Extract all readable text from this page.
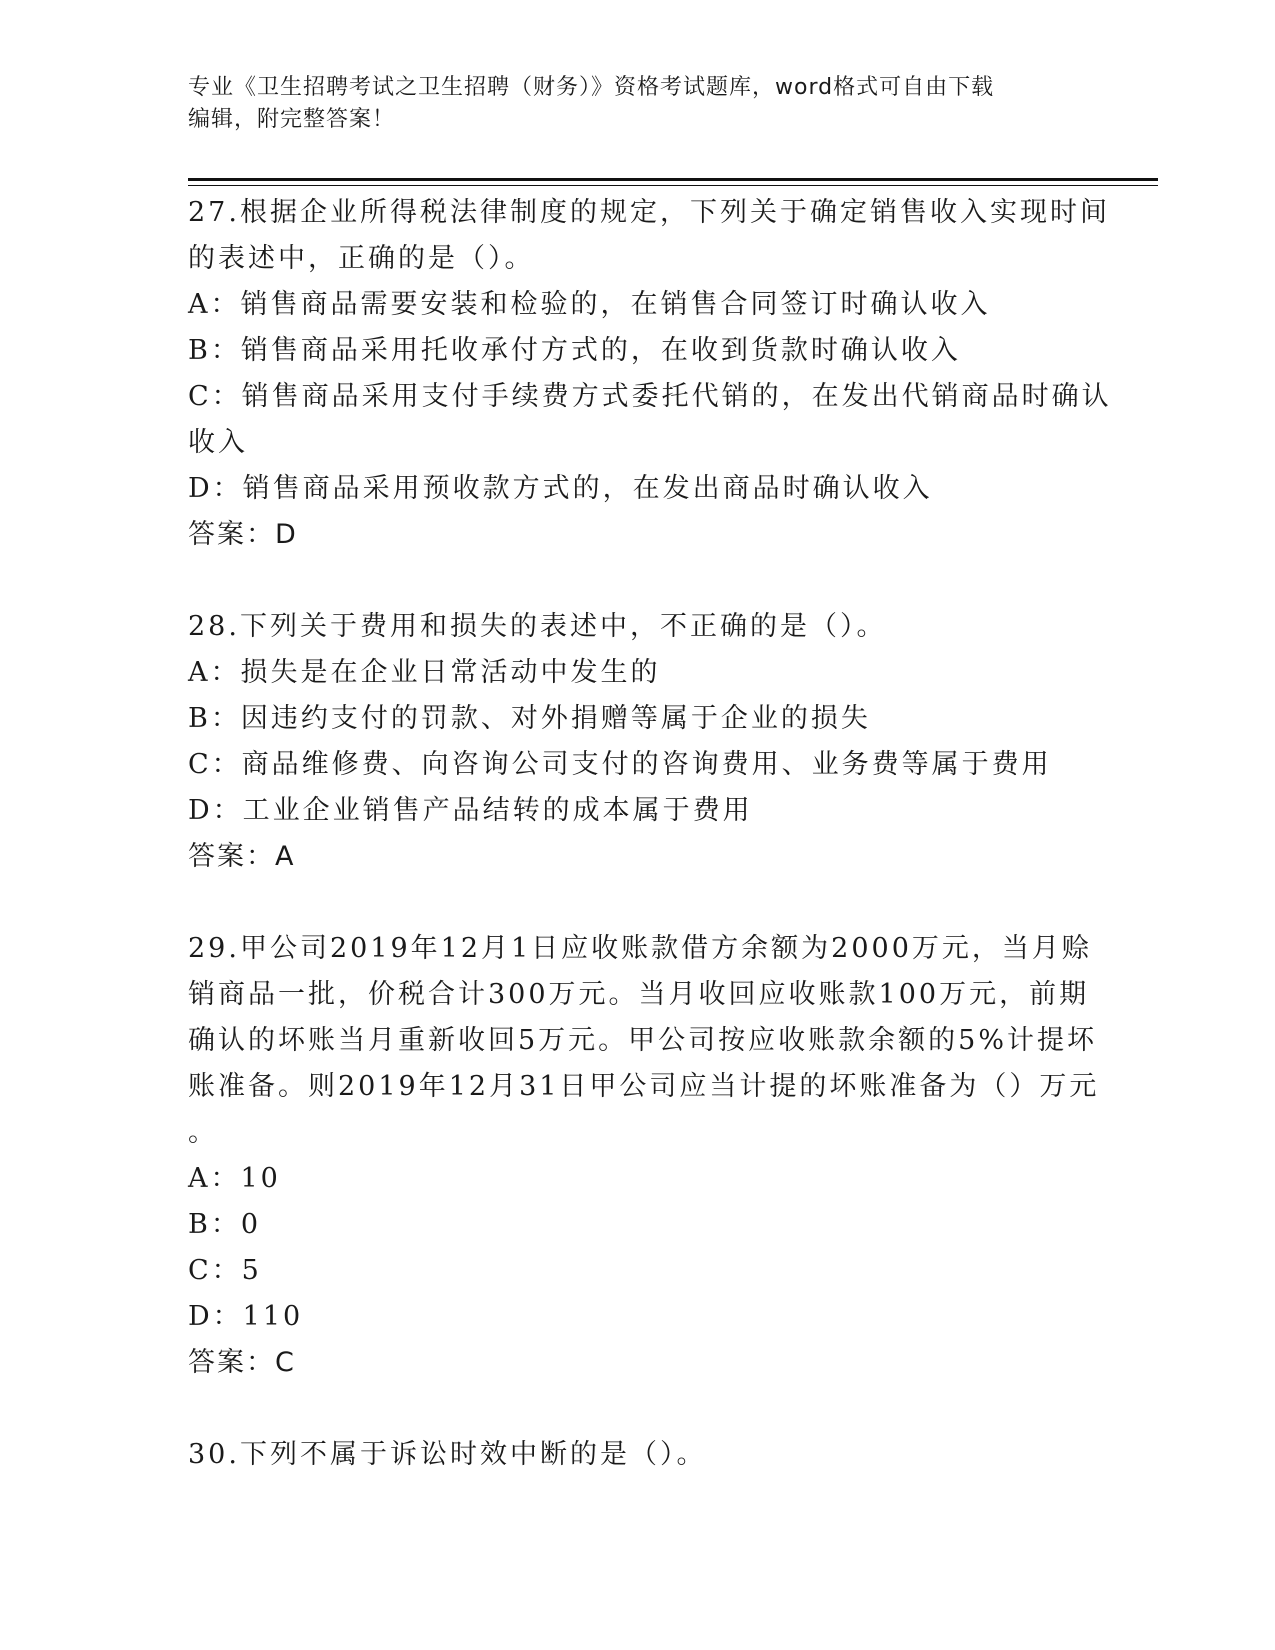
专业《卫生招聘考试之卫生招聘（财务）》资格考试题库，word格式可自由下载
编辑，附完整答案！
27.根据企业所得税法律制度的规定，下列关于确定销售收入实现时间
的表述中，正确的是（）。
A：销售商品需要安装和检验的，在销售合同签订时确认收入
B：销售商品采用托收承付方式的，在收到货款时确认收入
C：销售商品采用支付手续费方式委托代销的，在发出代销商品时确认
收入
D：销售商品采用预收款方式的，在发出商品时确认收入
答案：D
28.下列关于费用和损失的表述中，不正确的是（）。
A：损失是在企业日常活动中发生的
B：因违约支付的罚款、对外捐赠等属于企业的损失
C：商品维修费、向咨询公司支付的咨询费用、业务费等属于费用
D：工业企业销售产品结转的成本属于费用
答案：A
29.甲公司2019年12月1日应收账款借方余额为2000万元，当月赊
销商品一批，价税合计300万元。当月收回应收账款100万元，前期
确认的坏账当月重新收回5万元。甲公司按应收账款余额的5%计提坏
账准备。则2019年12月31日甲公司应当计提的坏账准备为（）万元
。
A：10
B：0
C：5
D：110
答案：C
30.下列不属于诉讼时效中断的是（）。
